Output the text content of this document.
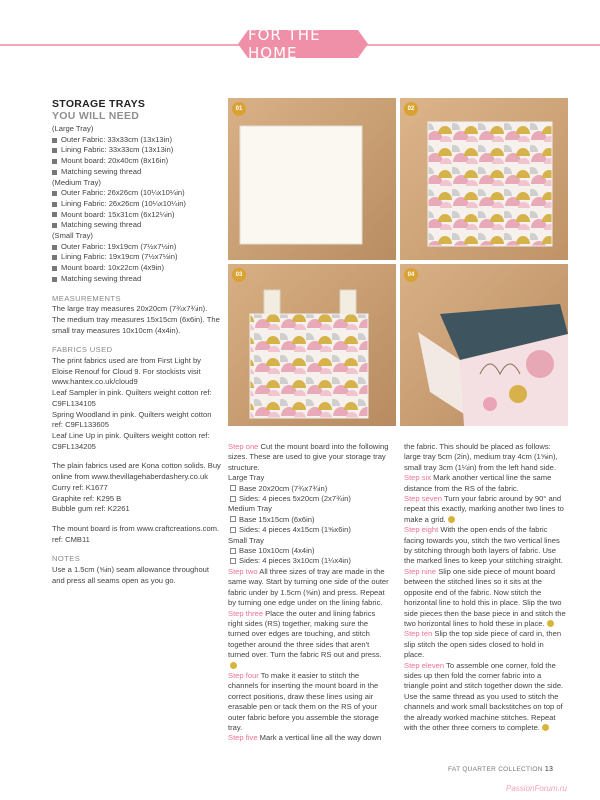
FOR THE HOME
STORAGE TRAYS
YOU WILL NEED
(Large Tray)
Outer Fabric: 33x33cm (13x13in)
Lining Fabric: 33x33cm (13x13in)
Mount board: 20x40cm (8x16in)
Matching sewing thread
(Medium Tray)
Outer Fabric: 26x26cm (10¼x10¼in)
Lining Fabric: 26x26cm (10¼x10¼in)
Mount board: 15x31cm (6x12¼in)
Matching sewing thread
(Small Tray)
Outer Fabric: 19x19cm (7½x7½in)
Lining Fabric: 19x19cm (7½x7½in)
Mount board: 10x22cm (4x9in)
Matching sewing thread
MEASUREMENTS
The large tray measures 20x20cm (7¾x7¾in). The medium tray measures 15x15cm (6x6in). The small tray measures 10x10cm (4x4in).
FABRICS USED
The print fabrics used are from First Light by Eloise Renouf for Cloud 9. For stockists visit www.hantex.co.uk/cloud9
Leaf Sampler in pink. Quilters weight cotton ref: C9FL134105
Spring Woodland in pink. Quilters weight cotton ref: C9FL133605
Leaf Line Up in pink. Quilters weight cotton ref: C9FL134205
The plain fabrics used are Kona cotton solids. Buy online from www.thevillagehaberdashery.co.uk
Curry ref: K1677
Graphite ref: K295 B
Bubble gum ref: K2261
The mount board is from www.craftcreations.com. ref: CMB11
NOTES
Use a 1.5cm (⅝in) seam allowance throughout and press all seams open as you go.
01	02
03	04
Step one Cut the mount board into the following sizes. These are used to give your storage tray structure.
Large Tray
Base 20x20cm (7¾x7¾in)
Sides: 4 pieces 5x20cm (2x7¾in)
Medium Tray
Base 15x15cm (6x6in)
Sides: 4 pieces 4x15cm (1⅝x6in)
Small Tray
Base 10x10cm (4x4in)
Sides: 4 pieces 3x10cm (1¼x4in)
Step two All three sizes of tray are made in the same way. Start by turning one side of the outer fabric under by 1.5cm (⅝in) and press. Repeat by turning one edge under on the lining fabric.
Step three Place the outer and lining fabrics right sides (RS) together, making sure the turned over edges are touching, and stitch together around the three sides that aren't turned over. Turn the fabric RS out and press.
Step four To make it easier to stitch the channels for inserting the mount board in the correct positions, draw these lines using air erasable pen or tack them on the RS of your outer fabric before you assemble the storage tray.
Step five Mark a vertical line all the way down
the fabric. This should be placed as follows: large tray 5cm (2in), medium tray 4cm (1⅝in), small tray 3cm (1¼in) from the left hand side.
Step six Mark another vertical line the same distance from the RS of the fabric.
Step seven Turn your fabric around by 90° and repeat this exactly, marking another two lines to make a grid.
Step eight With the open ends of the fabric facing towards you, stitch the two vertical lines by stitching through both layers of fabric. Use the marked lines to keep your stitching straight.
Step nine Slip one side piece of mount board between the stitched lines so it sits at the opposite end of the fabric. Now stitch the horizontal line to hold this in place. Slip the two side pieces then the base piece in and stitch the two horizontal lines to hold these in place.
Step ten Slip the top side piece of card in, then slip stitch the open sides closed to hold in place.
Step eleven To assemble one corner, fold the sides up then fold the corner fabric into a triangle point and stitch together down the side. Use the same thread as you used to stitch the channels and work small backstitches on top of the already worked machine stitches. Repeat with the other three corners to complete.
FAT QUARTER COLLECTION 13
PassionForum.ru
